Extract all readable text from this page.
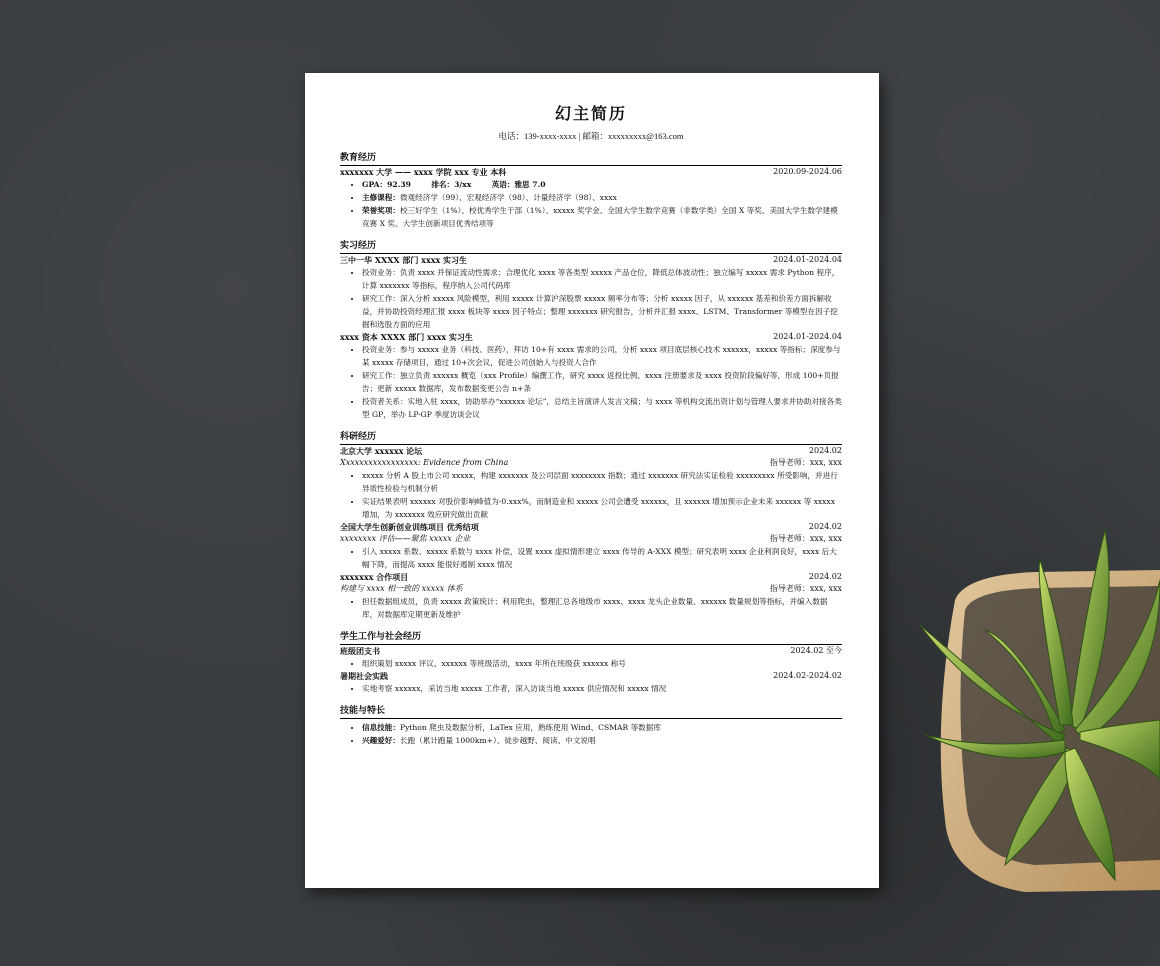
幻主简历
电话：139-xxxx-xxxx | 邮箱：xxxxxxxxx@163.com
教育经历
xxxxxxx 大学 —— xxxx 学院 xxx 专业 本科	2020.09-2024.06
• GPA：92.39	排名：3/xx	英语：雅思 7.0
• 主修课程：微观经济学（99）、宏观经济学（98）、计量经济学（98）、xxxx
• 荣誉奖项：校三好学生（1%）、校优秀学生干部（1%）、xxxxx 奖学金、全国大学生数学竞赛（非数学类）全国 X 等奖、美国大学生数学建模竞赛 X 奖、大学生创新项目优秀结项等
实习经历
三中一华 XXXX 部门 xxxx 实习生	2024.01-2024.04
• 投资业务：负责 xxxx 并保证流动性需求；合理优化 xxxx 等各类型 xxxxx 产品仓位，降低总体波动性；独立编写 xxxxx 需求 Python 程序，计算 xxxxxxx 等指标，程序纳入公司代码库
• 研究工作：深入分析 xxxxx 风险模型，利用 xxxxx 计算沪深股票 xxxxx 频率分布等；分析 xxxxx 因子，从 xxxxxx 基差和价差方面拆解收益，并协助投资经理汇报 xxxx 板块等 xxxx 因子特点；整理 xxxxxxx 研究报告，分析并汇报 xxxx、LSTM、Transformer 等模型在因子挖掘和选股方面的应用
xxxx 资本 XXXX 部门 xxxx 实习生	2024.01-2024.04
• 投资业务：参与 xxxxx 业务（科技、医药），拜访 10+有 xxxx 需求的公司，分析 xxxx 项目底层核心技术 xxxxxx，xxxxx 等指标；深度参与某 xxxxx 存储项目，通过 10+次会议，促进公司创始人与投资人合作
• 研究工作：独立负责 xxxxxx 概览（xxx Profile）编撰工作，研究 xxxx 返投比例、xxxx 注册要求及 xxxx 投资阶段偏好等，形成 100+页报告；更新 xxxxx 数据库，发布数据变更公告 n+条
• 投资者关系：实地入驻 xxxx，协助举办“xxxxxx 论坛”，总结主旨演讲人发言文稿；与 xxxx 等机构交流出资计划与管理人要求并协助对接各类型 GP，举办 LP-GP 季度访谈会议
科研经历
北京大学 xxxxxx 论坛	2024.02
Xxxxxxxxxxxxxxxxx: Evidence from China	指导老师：xxx, xxx
• xxxxx 分析 A 股上市公司 xxxxx，构建 xxxxxxx 及公司层面 xxxxxxxx 指数；通过 xxxxxxx 研究法实证检验 xxxxxxxxx 所受影响，并进行异质性检验与机制分析
• 实证结果表明 xxxxxx 对股价影响峰值为-0.xxx%，而制造业和 xxxxx 公司会遭受 xxxxxx，且 xxxxxx 增加预示企业未来 xxxxxx 等 xxxxx 增加，为 xxxxxxx 效应研究做出贡献
全国大学生创新创业训练项目 优秀结项	2024.02
xxxxxxxx 评估——聚焦 xxxxx 企业	指导老师：xxx, xxx
• 引入 xxxxx 系数、xxxxx 系数与 xxxx 补偿，设置 xxxx 虚拟情形建立 xxxx 传导的 A-XXX 模型；研究表明 xxxx 企业利润良好，xxxx 后大幅下降，而提高 xxxx 能很好遏制 xxxx 情况
xxxxxxx 合作项目	2024.02
构建与 xxxx 相一致的 xxxxx 体系	指导老师：xxx, xxx
• 担任数据组成员，负责 xxxxx 政策统计；利用爬虫，整理汇总各地级市 xxxx、xxxx 龙头企业数量、xxxxxx 数量规划等指标，并编入数据库，对数据库定期更新及维护
学生工作与社会经历
班级团支书	2024.02 至今
• 组织策划 xxxxx 评议、xxxxxx 等班级活动，xxxx 年所在班级获 xxxxxx 称号
暑期社会实践	2024.02-2024.02
• 实地考察 xxxxxx，采访当地 xxxxx 工作者，深入访谈当地 xxxxx 供应情况和 xxxxx 情况
技能与特长
• 信息技能：Python 爬虫及数据分析，LaTex 应用，熟练使用 Wind、CSMAR 等数据库
• 兴趣爱好：长跑（累计跑量 1000km+）、徒步越野、阅读、中文说唱
